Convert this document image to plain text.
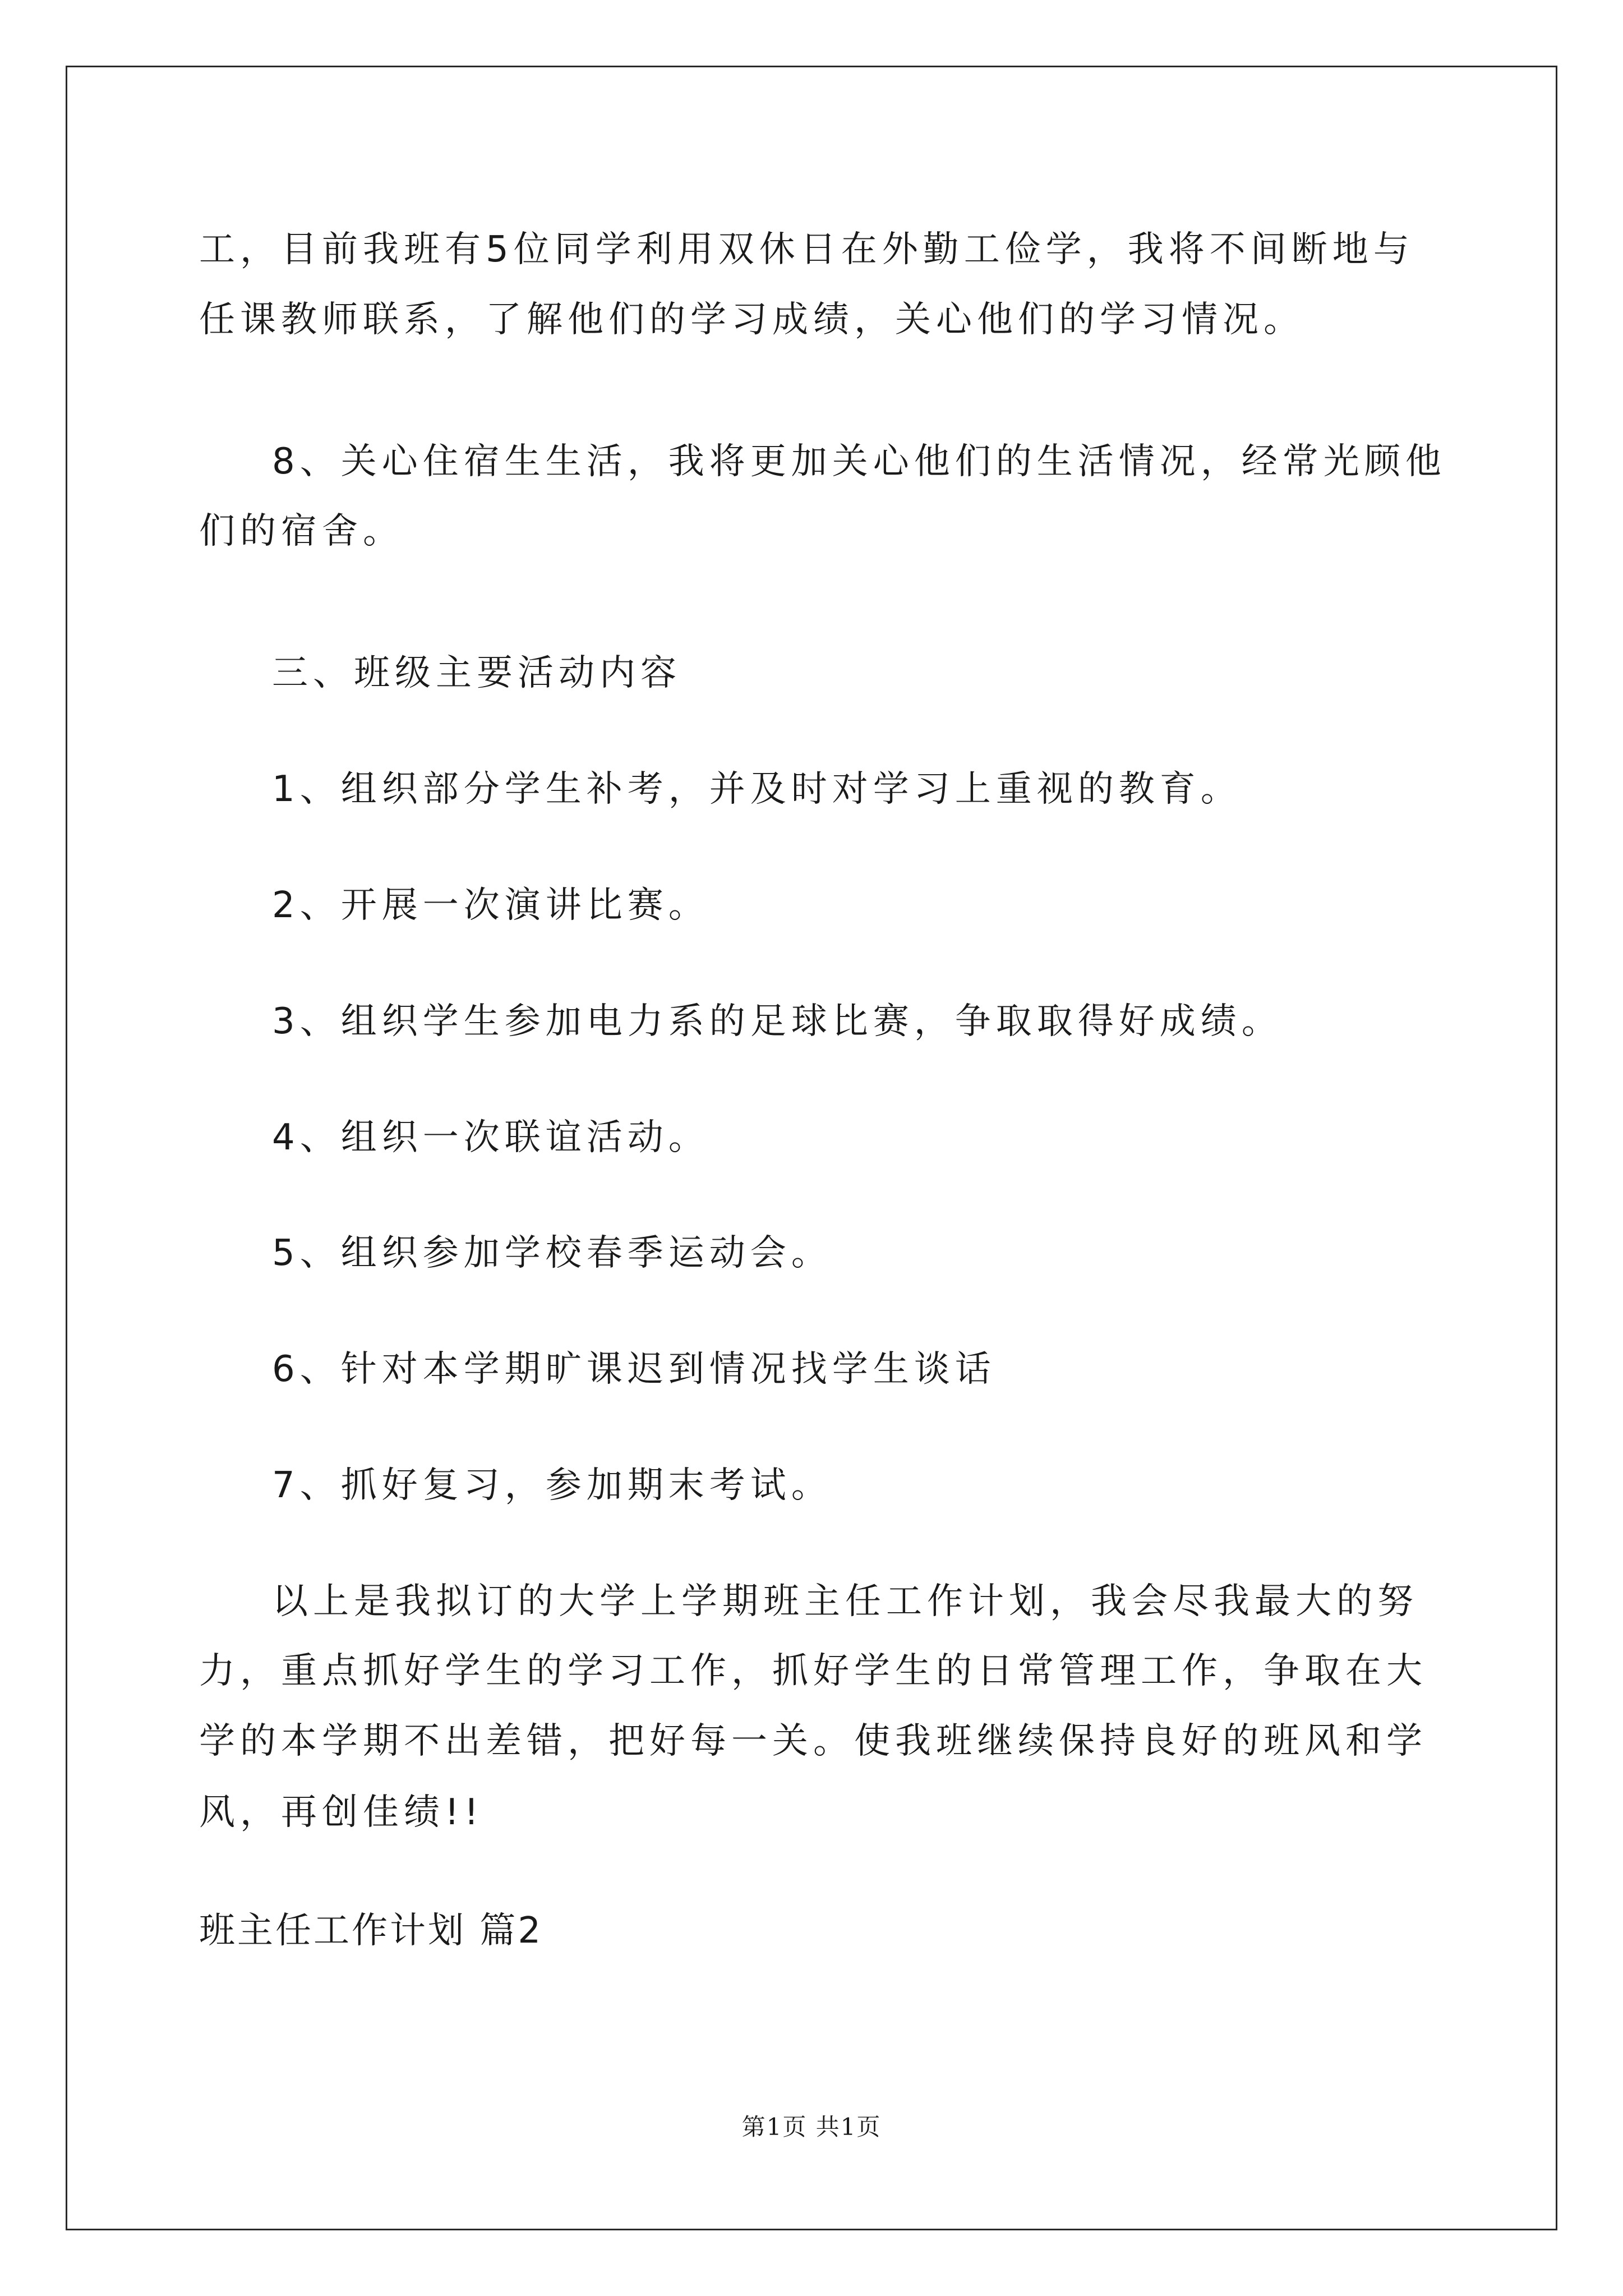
工，目前我班有5位同学利用双休日在外勤工俭学，我将不间断地与
任课教师联系，了解他们的学习成绩，关心他们的学习情况。
8、关心住宿生生活，我将更加关心他们的生活情况，经常光顾他
们的宿舍。
三、班级主要活动内容
1、组织部分学生补考，并及时对学习上重视的教育。
2、开展一次演讲比赛。
3、组织学生参加电力系的足球比赛，争取取得好成绩。
4、组织一次联谊活动。
5、组织参加学校春季运动会。
6、针对本学期旷课迟到情况找学生谈话
7、抓好复习，参加期末考试。
以上是我拟订的大学上学期班主任工作计划，我会尽我最大的努
力，重点抓好学生的学习工作，抓好学生的日常管理工作，争取在大
学的本学期不出差错，把好每一关。使我班继续保持良好的班风和学
风，再创佳绩!!
班主任工作计划 篇2
第1页 共1页
